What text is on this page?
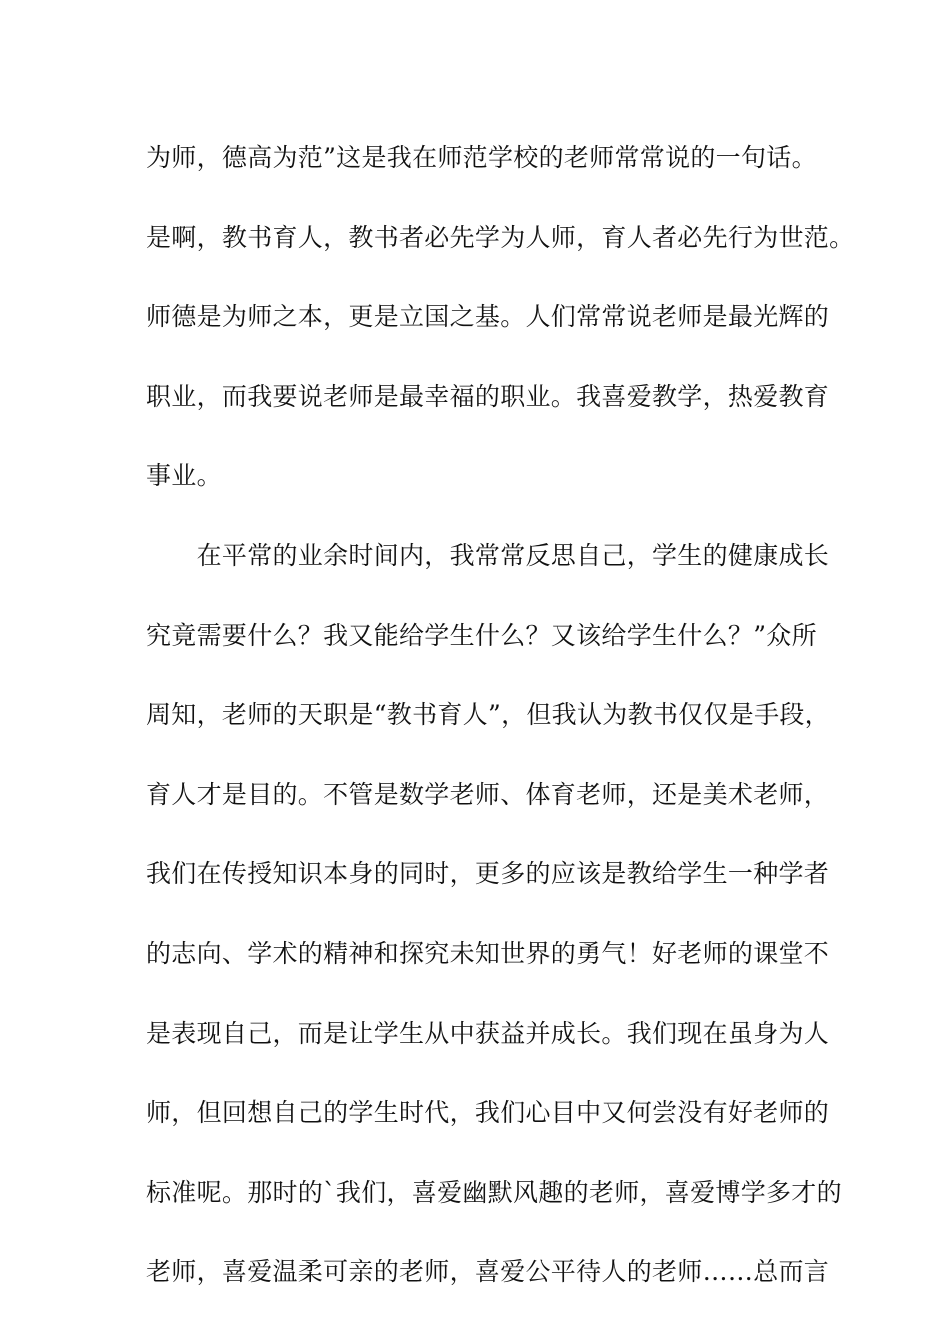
为师，德高为范”这是我在师范学校的老师常常说的一句话。
是啊，教书育人，教书者必先学为人师，育人者必先行为世范。
师德是为师之本，更是立国之基。人们常常说老师是最光辉的
职业，而我要说老师是最幸福的职业。我喜爱教学，热爱教育
事业。
　　在平常的业余时间内，我常常反思自己，学生的健康成长
究竟需要什么？我又能给学生什么？又该给学生什么？”众所
周知，老师的天职是“教书育人”，但我认为教书仅仅是手段，
育人才是目的。不管是数学老师、体育老师，还是美术老师，
我们在传授知识本身的同时，更多的应该是教给学生一种学者
的志向、学术的精神和探究未知世界的勇气！好老师的课堂不
是表现自己，而是让学生从中获益并成长。我们现在虽身为人
师，但回想自己的学生时代，我们心目中又何尝没有好老师的
标准呢。那时的`我们，喜爱幽默风趣的老师，喜爱博学多才的
老师，喜爱温柔可亲的老师，喜爱公平待人的老师……总而言
